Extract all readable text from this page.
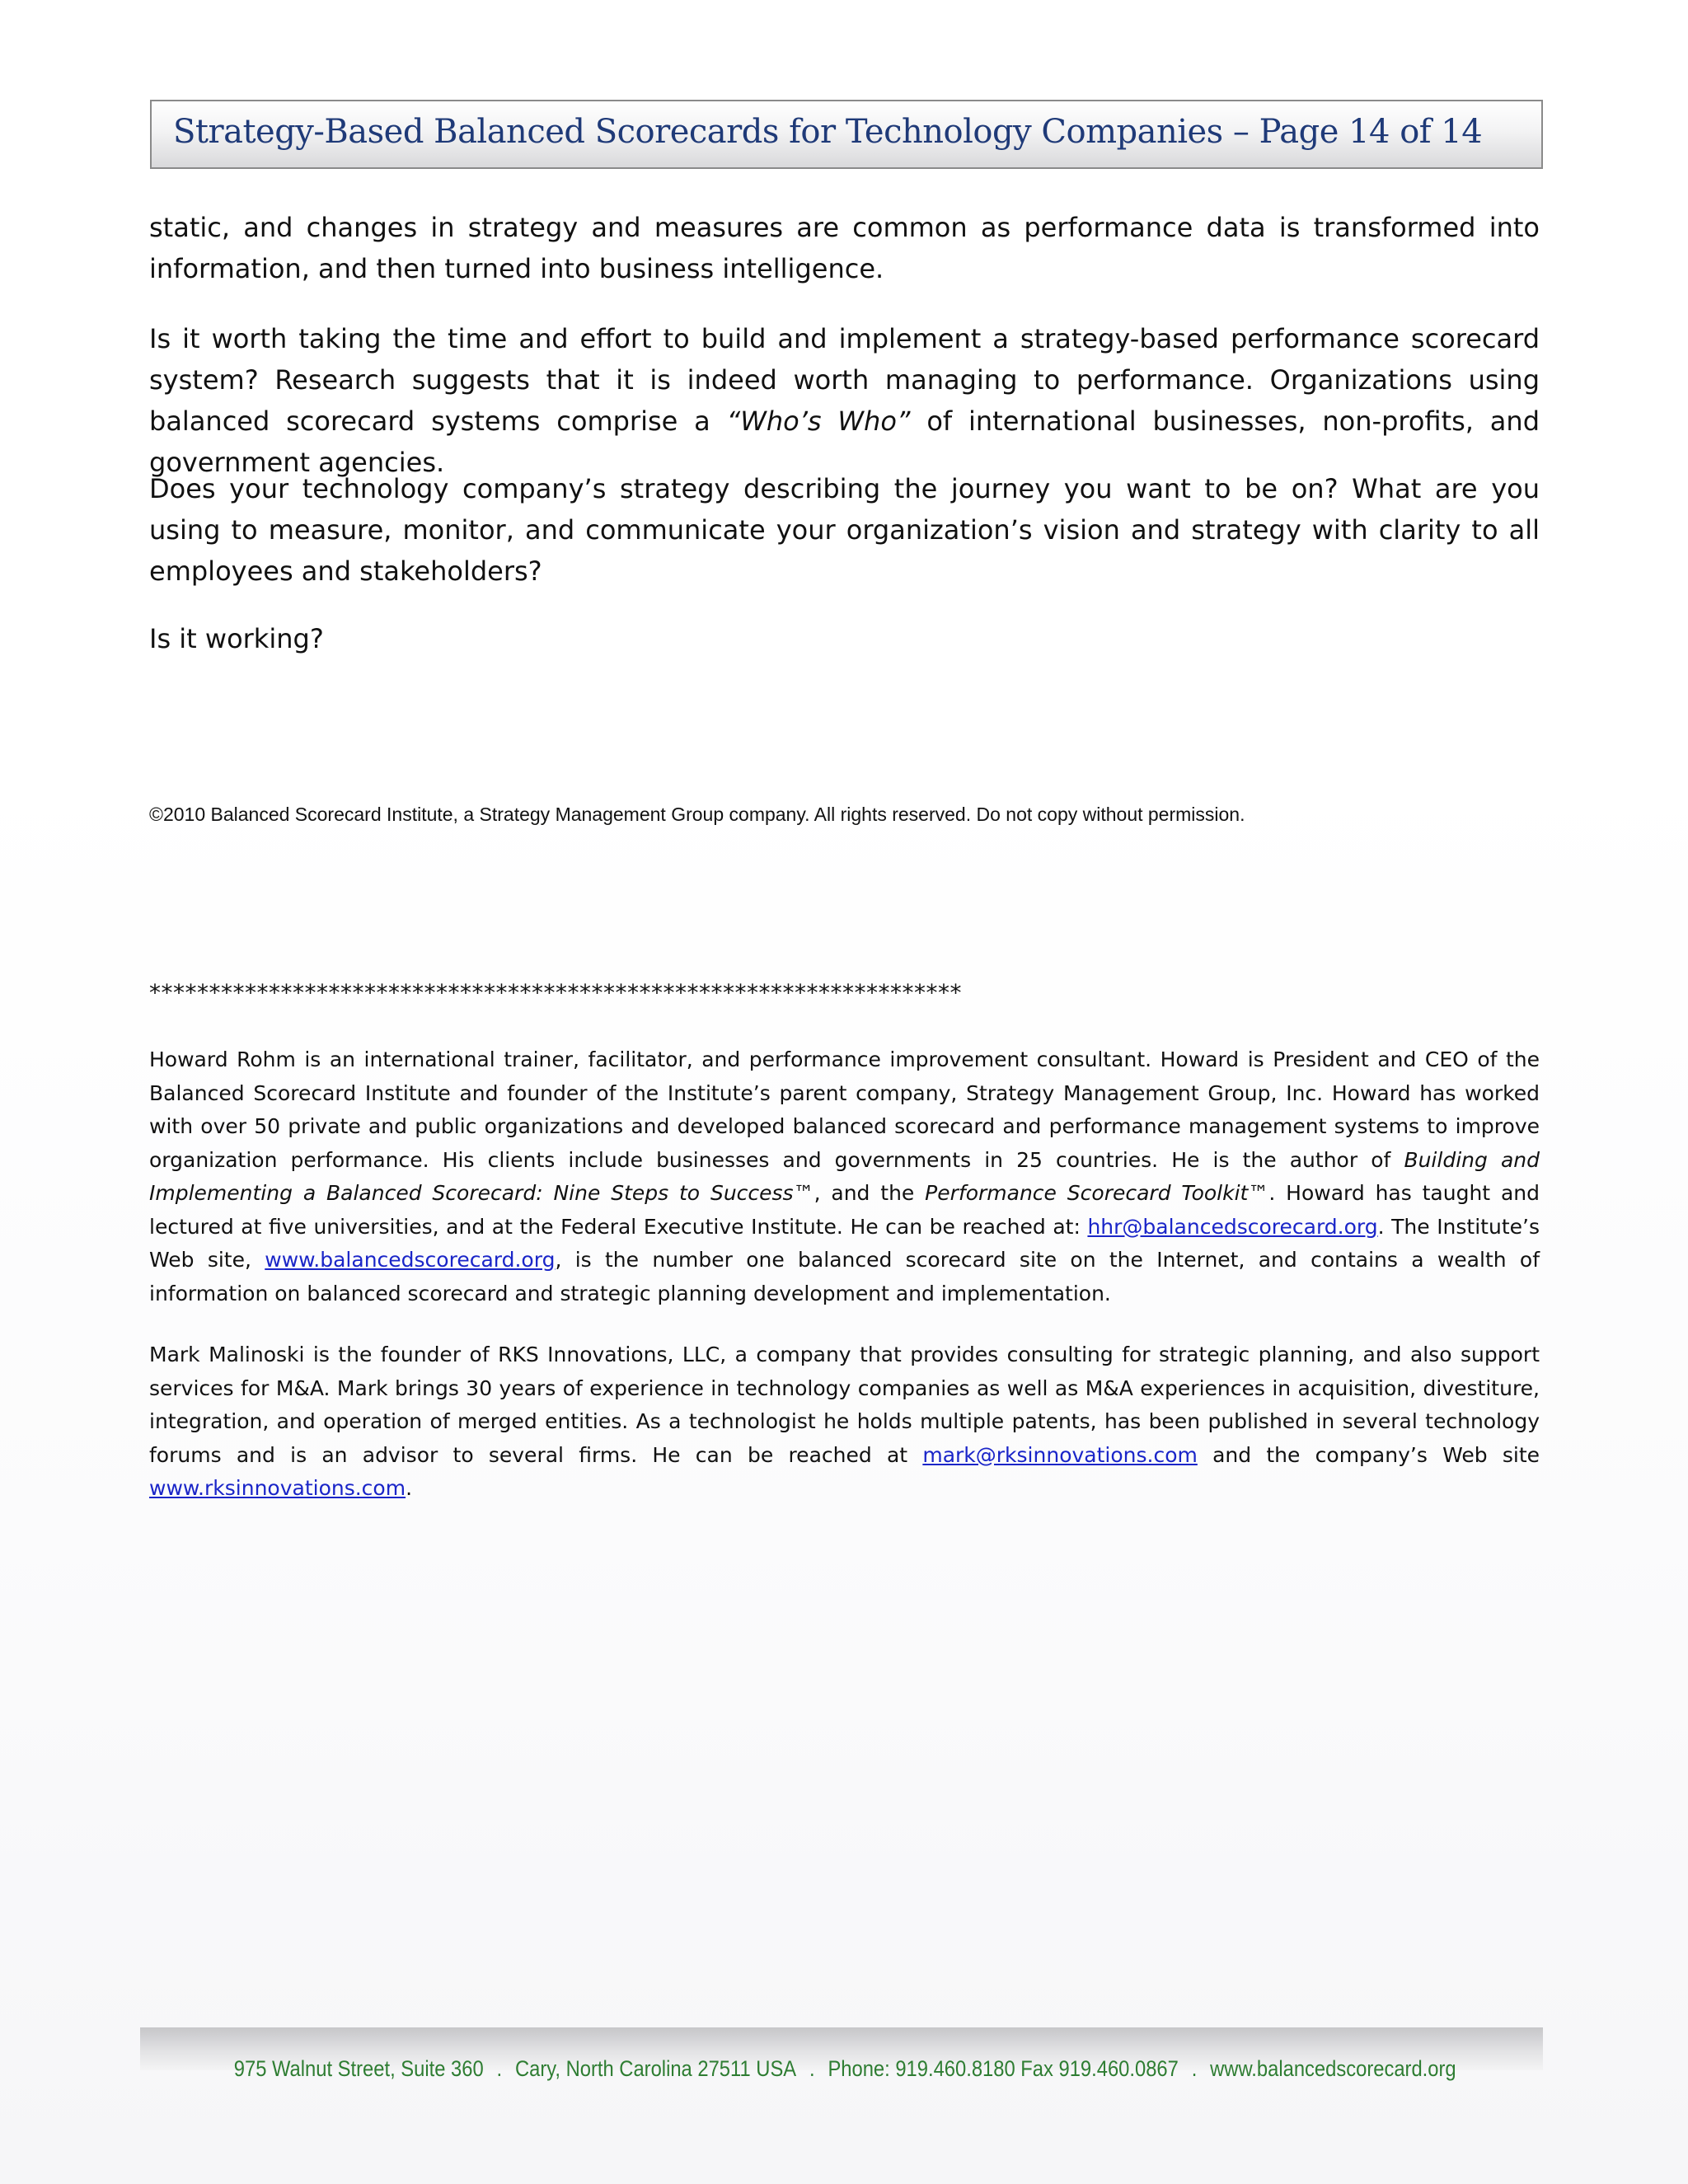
Strategy-Based Balanced Scorecards for Technology Companies – Page 14 of 14

static, and changes in strategy and measures are common as performance data is transformed into information, and then turned into business intelligence.

Is it worth taking the time and effort to build and implement a strategy-based performance scorecard system? Research suggests that it is indeed worth managing to performance. Organizations using balanced scorecard systems comprise a “Who’s Who” of international businesses, non-profits, and government agencies.

Does your technology company’s strategy describing the journey you want to be on? What are you using to measure, monitor, and communicate your organization’s vision and strategy with clarity to all employees and stakeholders?

Is it working?

©2010 Balanced Scorecard Institute, a Strategy Management Group company. All rights reserved. Do not copy without permission.

********************************************************************

Howard Rohm is an international trainer, facilitator, and performance improvement consultant. Howard is President and CEO of the Balanced Scorecard Institute and founder of the Institute’s parent company, Strategy Management Group, Inc. Howard has worked with over 50 private and public organizations and developed balanced scorecard and performance management systems to improve organization performance. His clients include businesses and governments in 25 countries. He is the author of Building and Implementing a Balanced Scorecard: Nine Steps to Success™, and the Performance Scorecard Toolkit™. Howard has taught and lectured at five universities, and at the Federal Executive Institute. He can be reached at: hhr@balancedscorecard.org. The Institute’s Web site, www.balancedscorecard.org, is the number one balanced scorecard site on the Internet, and contains a wealth of information on balanced scorecard and strategic planning development and implementation.

Mark Malinoski is the founder of RKS Innovations, LLC, a company that provides consulting for strategic planning, and also support services for M&A. Mark brings 30 years of experience in technology companies as well as M&A experiences in acquisition, divestiture, integration, and operation of merged entities. As a technologist he holds multiple patents, has been published in several technology forums and is an advisor to several firms. He can be reached at mark@rksinnovations.com and the company’s Web site www.rksinnovations.com.

975 Walnut Street, Suite 360 . Cary, North Carolina 27511 USA . Phone: 919.460.8180 Fax 919.460.0867 . www.balancedscorecard.org
